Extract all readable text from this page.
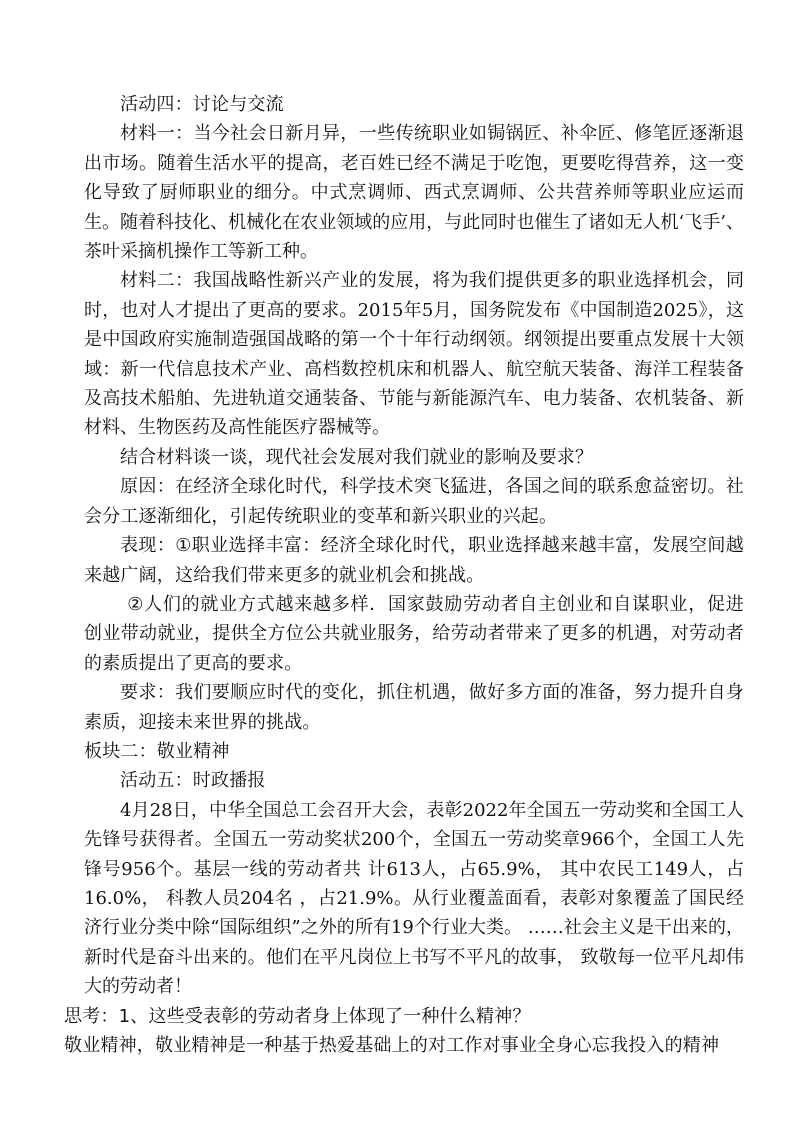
活动四：讨论与交流

材料一：当今社会日新月异，一些传统职业如锔锅匠、补伞匠、修笔匠逐渐退出市场。随着生活水平的提高，老百姓已经不满足于吃饱，更要吃得营养，这一变化导致了厨师职业的细分。中式烹调师、西式烹调师、公共营养师等职业应运而生。随着科技化、机械化在农业领域的应用，与此同时也催生了诸如无人机‘飞手’、茶叶采摘机操作工等新工种。

材料二：我国战略性新兴产业的发展，将为我们提供更多的职业选择机会，同时，也对人才提出了更高的要求。2015年5月，国务院发布《中国制造2025》，这是中国政府实施制造强国战略的第一个十年行动纲领。纲领提出要重点发展十大领域：新一代信息技术产业、高档数控机床和机器人、航空航天装备、海洋工程装备及高技术船舶、先进轨道交通装备、节能与新能源汽车、电力装备、农机装备、新材料、生物医药及高性能医疗器械等。

结合材料谈一谈，现代社会发展对我们就业的影响及要求？

原因：在经济全球化时代，科学技术突飞猛进，各国之间的联系愈益密切。社会分工逐渐细化，引起传统职业的变革和新兴职业的兴起。

表现：①职业选择丰富：经济全球化时代，职业选择越来越丰富，发展空间越来越广阔，这给我们带来更多的就业机会和挑战。

②人们的就业方式越来越多样．国家鼓励劳动者自主创业和自谋职业，促进创业带动就业，提供全方位公共就业服务，给劳动者带来了更多的机遇，对劳动者的素质提出了更高的要求。

要求：我们要顺应时代的变化，抓住机遇，做好多方面的准备，努力提升自身素质，迎接未来世界的挑战。

板块二：敬业精神

活动五：时政播报

4月28日，中华全国总工会召开大会，表彰2022年全国五一劳动奖和全国工人先锋号获得者。全国五一劳动奖状200个，全国五一劳动奖章966个，全国工人先锋号956个。基层一线的劳动者共 计613人，占65.9%， 其中农民工149人，占16.0%， 科教人员204名 ，占21.9%。从行业覆盖面看，表彰对象覆盖了国民经济行业分类中除“国际组织”之外的所有19个行业大类。 ……社会主义是干出来的，新时代是奋斗出来的。他们在平凡岗位上书写不平凡的故事， 致敬每一位平凡却伟大的劳动者！

思考：1、这些受表彰的劳动者身上体现了一种什么精神？

敬业精神，敬业精神是一种基于热爱基础上的对工作对事业全身心忘我投入的精神
